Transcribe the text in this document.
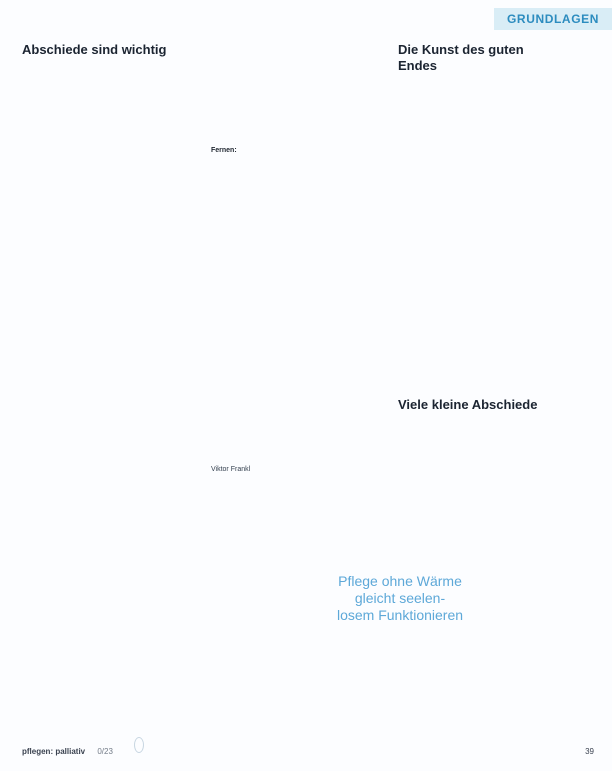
GRUNDLAGEN
Abschiede sind wichtig
Fernen:
Viktor Frankl
Die Kunst des guten Endes
Viele kleine Abschiede
Pflege ohne Wärme gleicht seelen-
losem Funktionieren
pflegen: palliativ 0/23	39
